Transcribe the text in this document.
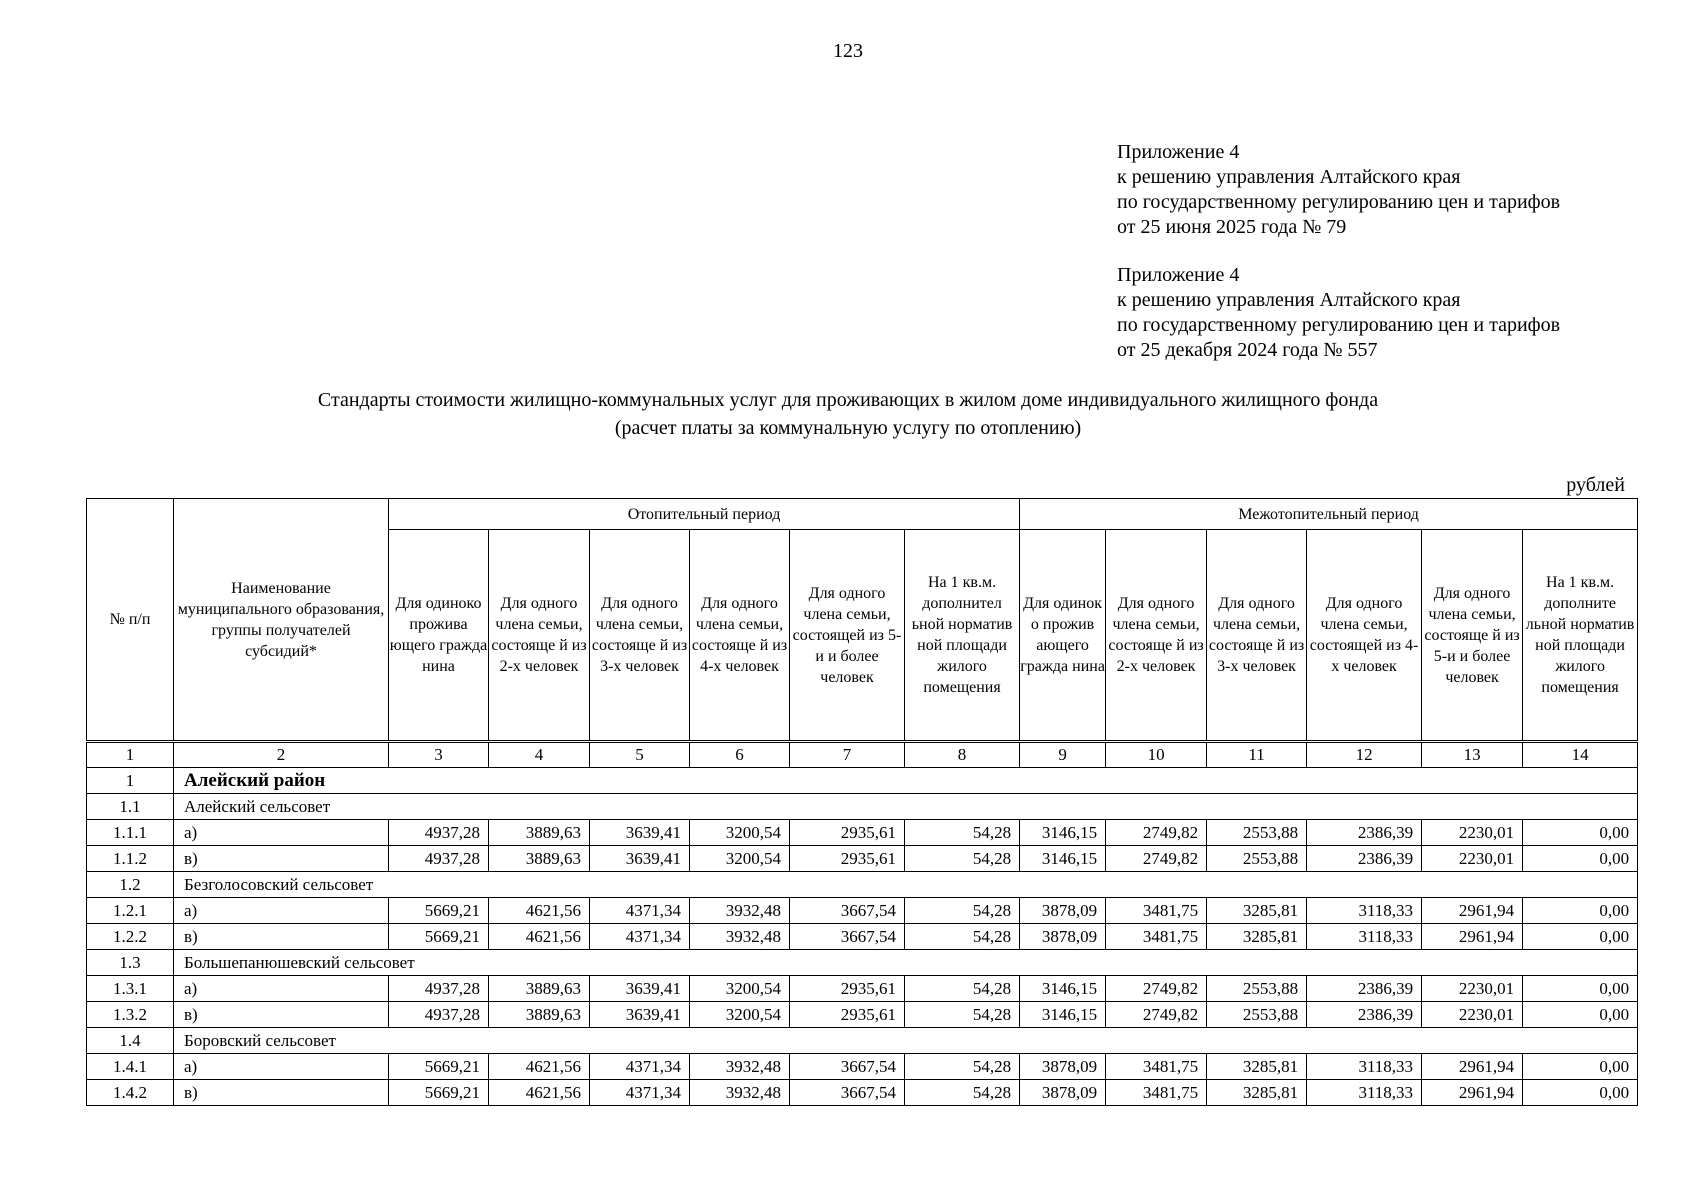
123
Приложение 4
к решению управления Алтайского края
по государственному регулированию цен и тарифов
от 25 июня 2025 года № 79
Приложение 4
к решению управления Алтайского края
по государственному регулированию цен и тарифов
от 25 декабря 2024 года № 557
Стандарты стоимости жилищно-коммунальных услуг для проживающих в жилом доме индивидуального жилищного фонда
(расчет платы за коммунальную услугу по отоплению)
рублей
№ п/п	Наименование муниципального образования, группы получателей субсидий*	Отопительный период						Межотопительный период					
		Для одиноко прожива ющего гражда нина	Для одного члена семьи, состояще й из 2-х человек	Для одного члена семьи, состояще й из 3-х человек	Для одного члена семьи, состояще й из 4-х человек	Для одного члена семьи, состоящей из 5-и и более человек	На 1 кв.м. дополнител ьной норматив ной площади жилого помещения	Для одинок о прожив ающего гражда нина	Для одного члена семьи, состояще й из 2-х человек	Для одного члена семьи, состояще й из 3-х человек	Для одного члена семьи, состоящей из 4-х человек	Для одного члена семьи, состояще й из 5-и и более человек	На 1 кв.м. дополните льной норматив ной площади жилого помещения
1	2	3	4	5	6	7	8	9	10	11	12	13	14
1	Алейский район												
1.1	Алейский сельсовет												
1.1.1	а)	4937,28	3889,63	3639,41	3200,54	2935,61	54,28	3146,15	2749,82	2553,88	2386,39	2230,01	0,00
1.1.2	в)	4937,28	3889,63	3639,41	3200,54	2935,61	54,28	3146,15	2749,82	2553,88	2386,39	2230,01	0,00
1.2	Безголосовский сельсовет												
1.2.1	а)	5669,21	4621,56	4371,34	3932,48	3667,54	54,28	3878,09	3481,75	3285,81	3118,33	2961,94	0,00
1.2.2	в)	5669,21	4621,56	4371,34	3932,48	3667,54	54,28	3878,09	3481,75	3285,81	3118,33	2961,94	0,00
1.3	Большепанюшевский сельсовет												
1.3.1	а)	4937,28	3889,63	3639,41	3200,54	2935,61	54,28	3146,15	2749,82	2553,88	2386,39	2230,01	0,00
1.3.2	в)	4937,28	3889,63	3639,41	3200,54	2935,61	54,28	3146,15	2749,82	2553,88	2386,39	2230,01	0,00
1.4	Боровский сельсовет												
1.4.1	а)	5669,21	4621,56	4371,34	3932,48	3667,54	54,28	3878,09	3481,75	3285,81	3118,33	2961,94	0,00
1.4.2	в)	5669,21	4621,56	4371,34	3932,48	3667,54	54,28	3878,09	3481,75	3285,81	3118,33	2961,94	0,00
